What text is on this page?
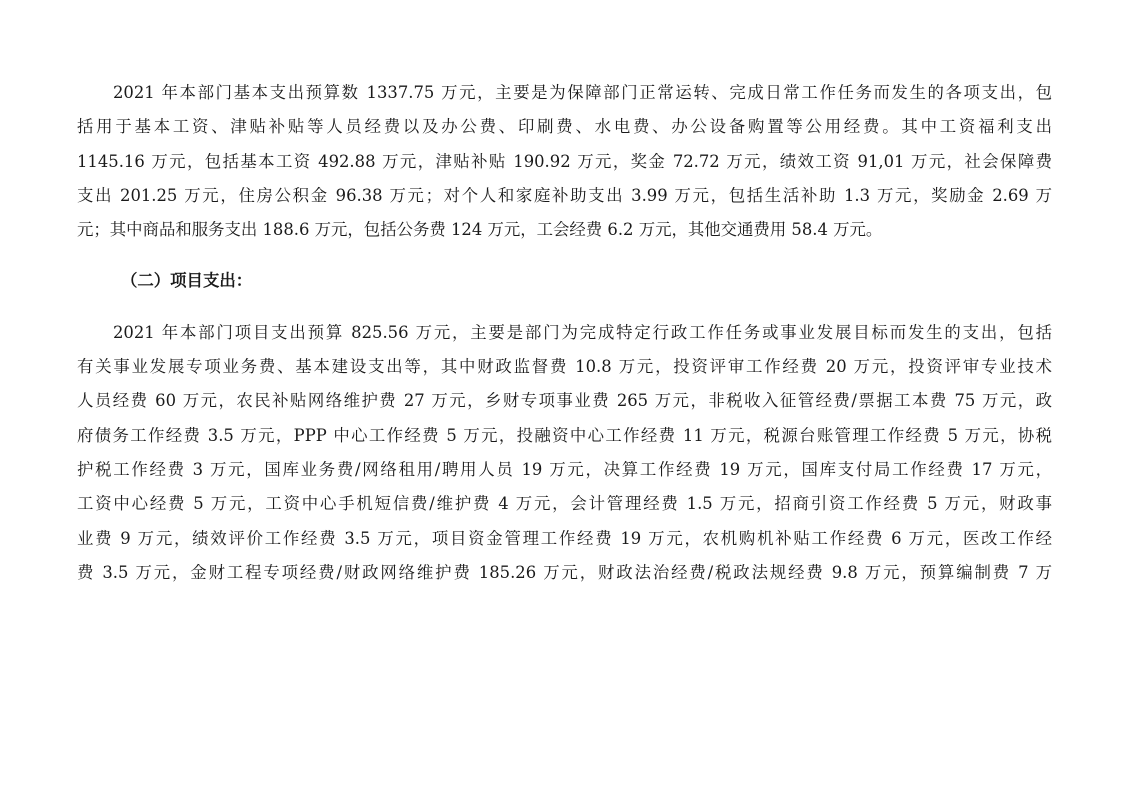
2021 年本部门基本支出预算数 1337.75 万元，主要是为保障部门正常运转、完成日常工作任务而发生的各项支出，包
括用于基本工资、津贴补贴等人员经费以及办公费、印刷费、水电费、办公设备购置等公用经费。其中工资福利支出
1145.16 万元，包括基本工资 492.88 万元，津贴补贴 190.92 万元，奖金 72.72 万元，绩效工资 91,01 万元，社会保障费
支出 201.25 万元，住房公积金 96.38 万元；对个人和家庭补助支出 3.99 万元，包括生活补助 1.3 万元，奖励金 2.69 万
元；其中商品和服务支出 188.6 万元，包括公务费 124 万元，工会经费 6.2 万元，其他交通费用 58.4 万元。
（二）项目支出：
2021 年本部门项目支出预算 825.56 万元，主要是部门为完成特定行政工作任务或事业发展目标而发生的支出，包括
有关事业发展专项业务费、基本建设支出等，其中财政监督费 10.8 万元，投资评审工作经费 20 万元，投资评审专业技术
人员经费 60 万元，农民补贴网络维护费 27 万元，乡财专项事业费 265 万元，非税收入征管经费/票据工本费 75 万元，政
府债务工作经费 3.5 万元，PPP 中心工作经费 5 万元，投融资中心工作经费 11 万元，税源台账管理工作经费 5 万元，协税
护税工作经费 3 万元，国库业务费/网络租用/聘用人员 19 万元，决算工作经费 19 万元，国库支付局工作经费 17 万元，
工资中心经费 5 万元，工资中心手机短信费/维护费 4 万元，会计管理经费 1.5 万元，招商引资工作经费 5 万元，财政事
业费 9 万元，绩效评价工作经费 3.5 万元，项目资金管理工作经费 19 万元，农机购机补贴工作经费 6 万元，医改工作经
费 3.5 万元，金财工程专项经费/财政网络维护费 185.26 万元，财政法治经费/税政法规经费 9.8 万元，预算编制费 7 万
